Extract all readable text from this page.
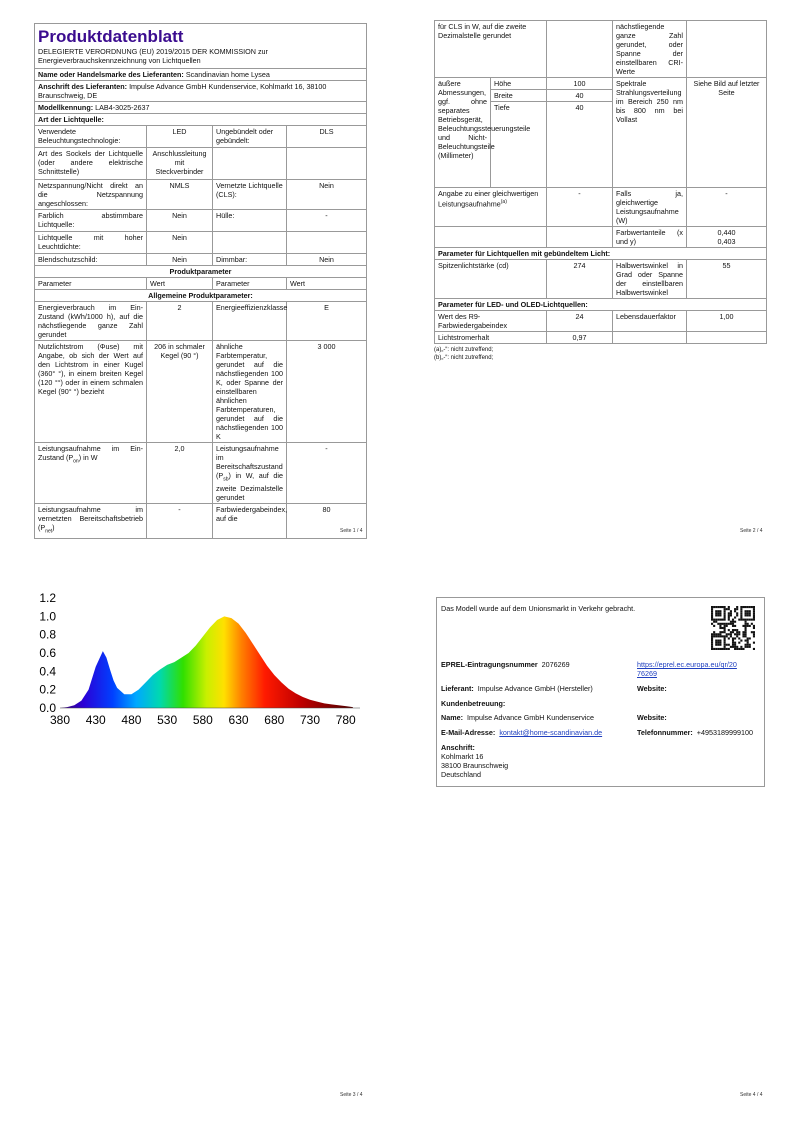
Produktdatenblatt
DELEGIERTE VERORDNUNG (EU) 2019/2015 DER KOMMISSION zur Energieverbrauchskennzeichnung von Lichtquellen			

Name oder Handelsmarke des Lieferanten: Scandinavian home Lysea			
Anschrift des Lieferanten: Impulse Advance GmbH Kundenservice, Kohlmarkt 16, 38100 Braunschweig, DE			
Modellkennung: LAB4-3025-2637			
Art der Lichtquelle:			
Verwendete Beleuchtungstechnologie:	LED	Ungebündelt oder gebündelt:	DLS
Art des Sockels der Lichtquelle (oder andere elektrische Schnittstelle)	Anschlussleitung mit Steckverbinder		
Netzspannung/Nicht direkt an die Netzspannung angeschlossen:	NMLS	Vernetzte Lichtquelle (CLS):	Nein
Farblich abstimmbare Lichtquelle:	Nein	Hülle:	-
Lichtquelle mit hoher Leuchtdichte:	Nein		
Blendschutzschild:	Nein	Dimmbar:	Nein
Produktparameter			
Parameter	Wert	Parameter	Wert
Allgemeine Produktparameter:			
Energieverbrauch im Ein-Zustand (kWh/1000 h), auf die nächstliegende ganze Zahl gerundet	2	Energieeffizienzklasse	E
Nutzlichtstrom (Φuse) mit Angabe, ob sich der Wert auf den Lichtstrom in einer Kugel (360° °), in einem breiten Kegel (120 °°) oder in einem schmalen Kegel (90° °) bezieht	206 in schmaler Kegel (90 °)	ähnliche Farbtemperatur, gerundet auf die nächstliegenden 100 K, oder Spanne der einstellbaren ähnlichen Farbtemperaturen, gerundet auf die nächstliegenden 100 K	3 000
Leistungsaufnahme im Ein-Zustand $(P_{on})$ in W	2,0	Leistungsaufnahme im Bereitschaftszustand $(P_{sb})$ in W, auf die zweite Dezimalstelle gerundet	-
Leistungsaufnahme im vernetzten Bereitschaftsbetrieb $(P_{net})$	-	Farbwiedergabeindex, auf die	80
Seite 1 / 4
für CLS in W, auf die zweite Dezimalstelle gerundet			nächstliegende ganze Zahl gerundet, oder Spanne der einstellbaren CRI-Werte	
äußere Abmessungen, ggf. ohne separates Betriebsgerät, Beleuchtungssteuerungsteile und Nicht-Beleuchtungsteile (Millimeter)	Höhe	100	Spektrale Strahlungsverteilung im Bereich 250 nm bis 800 nm bei Vollast	Siehe Bild auf letzter Seite
	Breite	40		
	Tiefe	40		
Angabe zu einer gleichwertigen Leistungsaufnahme$^{(a)}$		-	Falls ja, gleichwertige Leistungsaufnahme (W)	-
			Farbwertanteile (x und y)	0,440
0,403

Parameter für Lichtquellen mit gebündeltem Licht:				
Spitzenlichtstärke (cd)		274	Halbwertswinkel in Grad oder Spanne der einstellbaren Halbwertswinkel	55
Parameter für LED- und OLED-Lichtquellen:				
Wert des R9-Farbwiedergabeindex		24	Lebensdauerfaktor	1,00
Lichtstromerhalt		0,97		
(a)„-“: nicht zutreffend;
(b)„-“: nicht zutreffend;
Seite 2 / 4
0.0
0.2
0.4
0.6
0.8
1.0
1.2
380 430 480 530 580 630 680 730 780
Seite 3 / 4
Das Modell wurde auf dem Unionsmarkt in Verkehr gebracht.
EPREL-Eintragungsnummer 2076269	https://eprel.ec.europa.eu/qr/20
76269
Lieferant: Impulse Advance GmbH (Hersteller)	Website:
Kundenbetreuung:
Name: Impulse Advance GmbH Kundenservice	Website:
E-Mail-Adresse: kontakt@home-scandinavian.de	Telefonnummer: +4953189999100
Anschrift:
Kohlmarkt 16
38100 Braunschweig
Deutschland
Seite 4 / 4
